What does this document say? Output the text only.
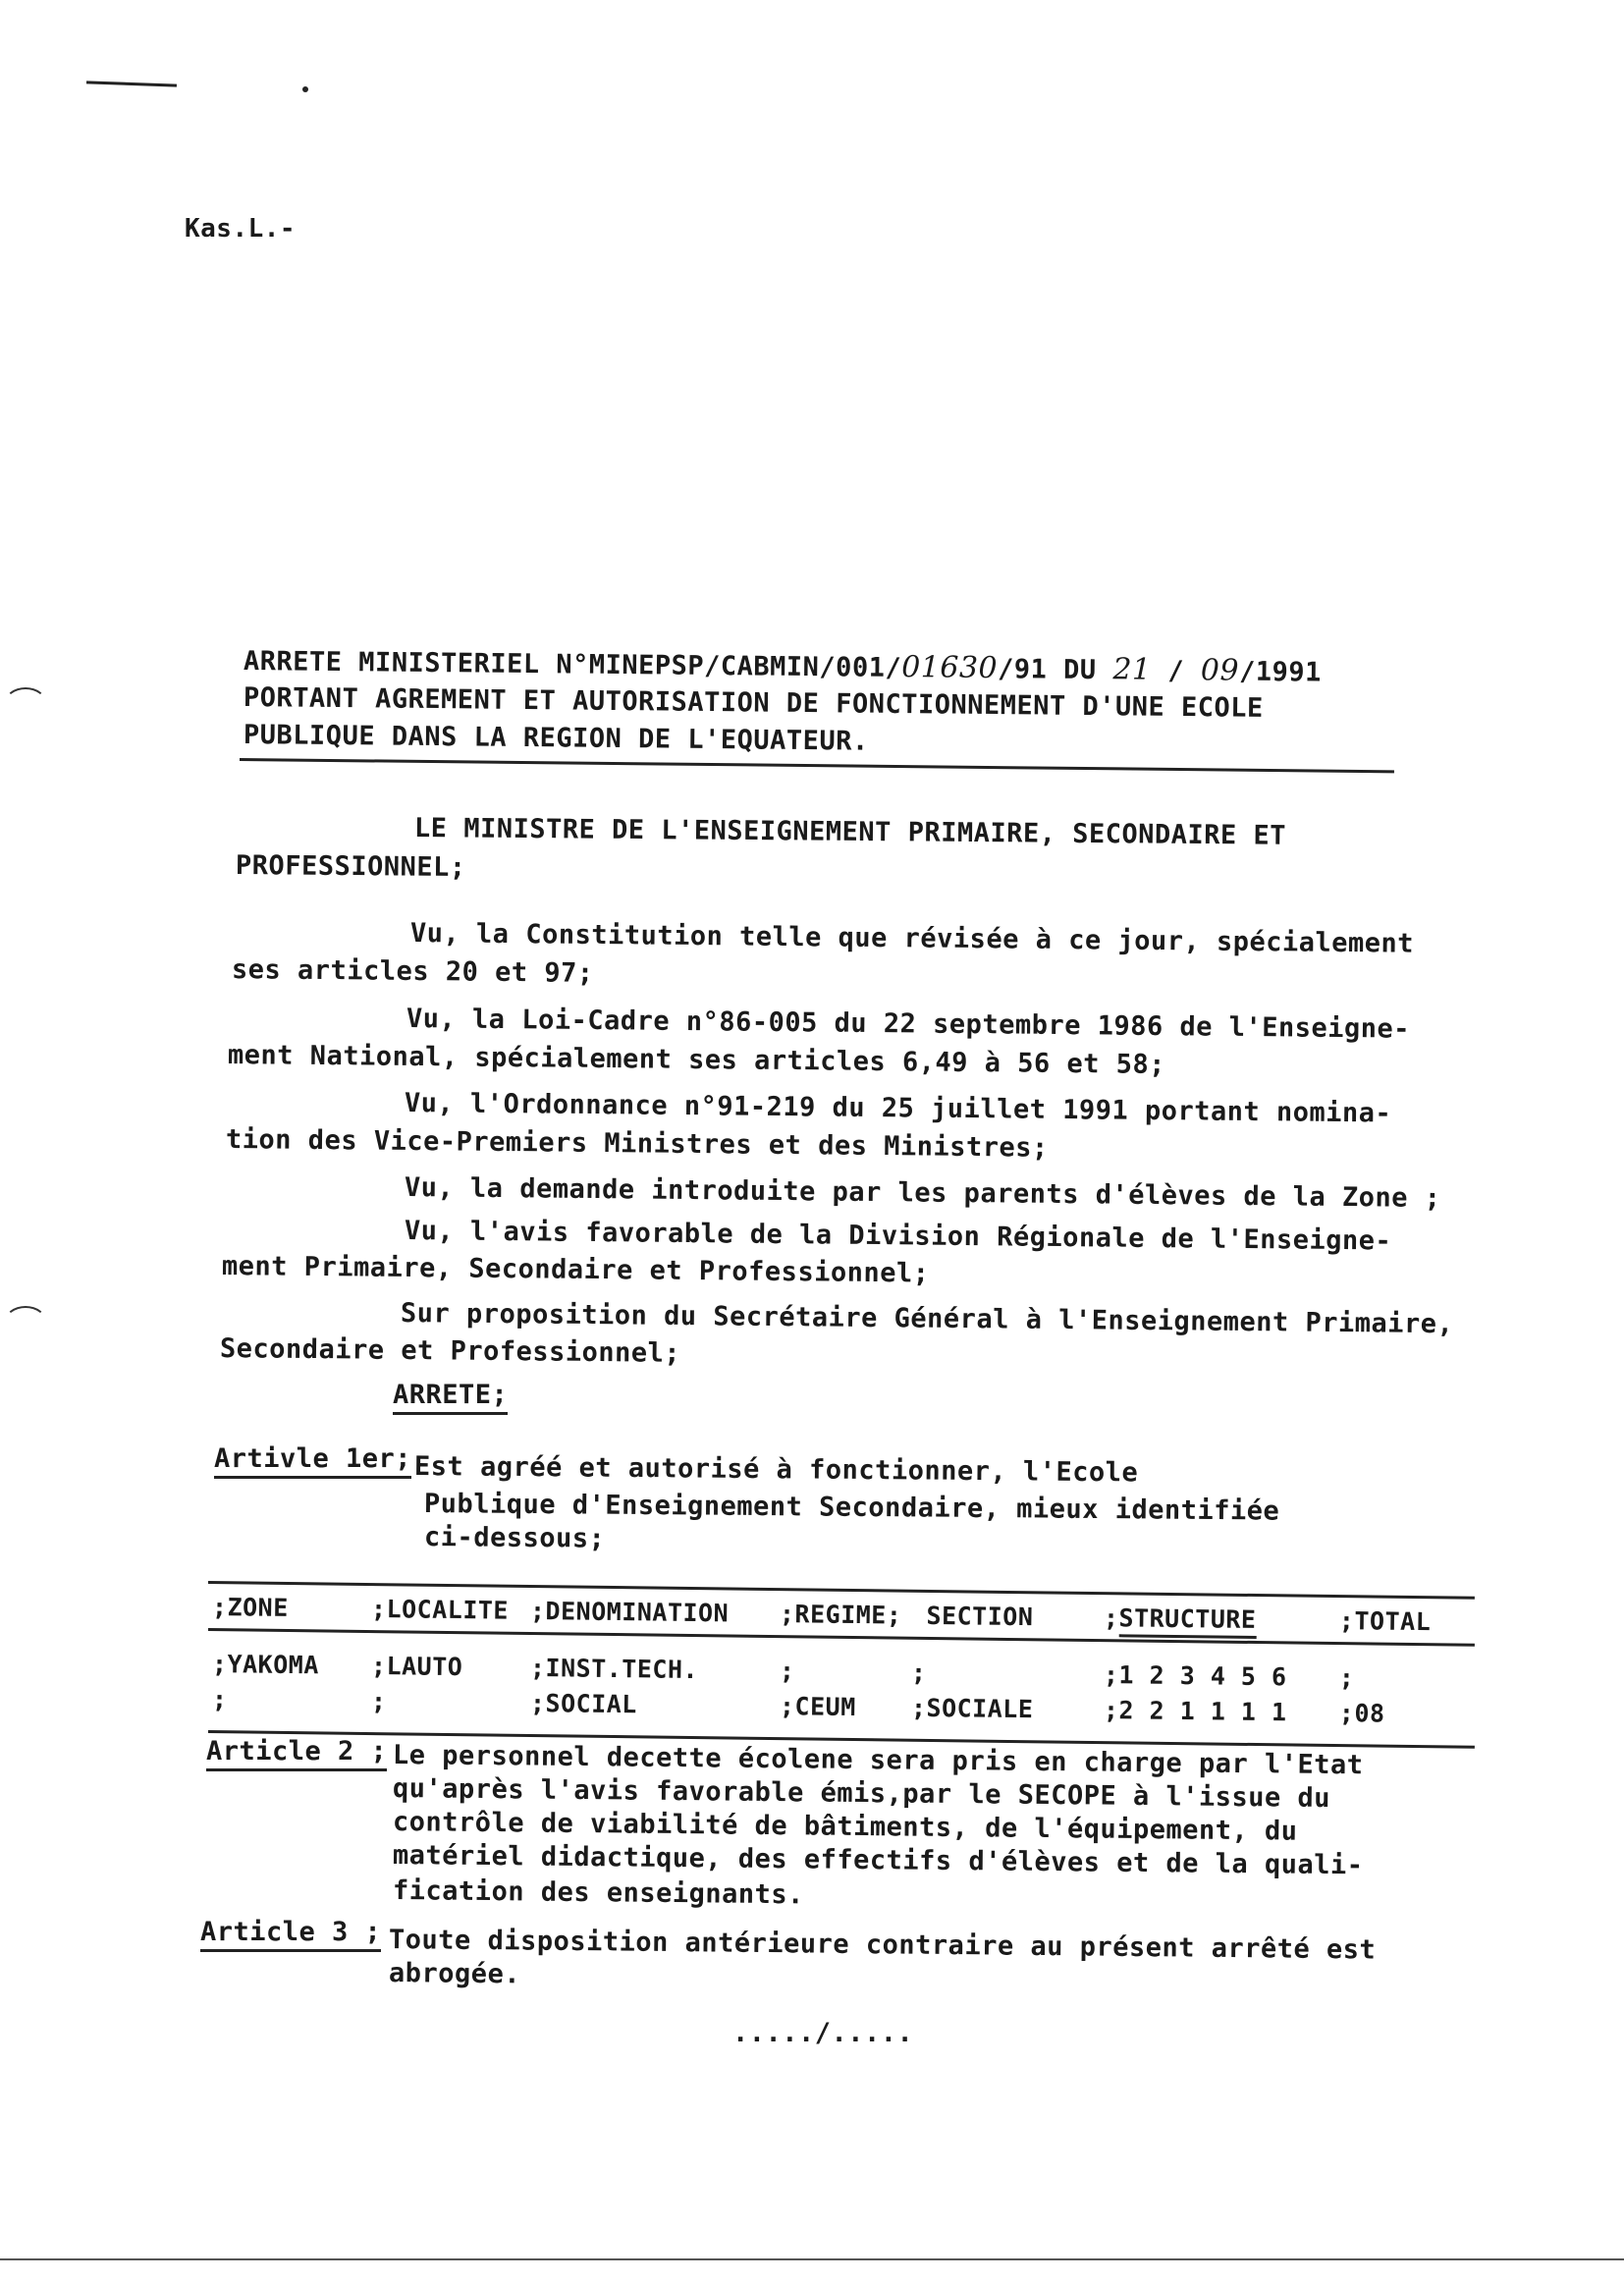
Kas.L.-
ARRETE MINISTERIEL N°MINEPSP/CABMIN/001/01630/91 DU 21 / 09/1991
PORTANT AGREMENT ET AUTORISATION DE FONCTIONNEMENT D'UNE ECOLE
PUBLIQUE DANS LA REGION DE L'EQUATEUR.
LE MINISTRE DE L'ENSEIGNEMENT PRIMAIRE, SECONDAIRE ET
PROFESSIONNEL;
Vu, la Constitution telle que révisée à ce jour, spécialement
ses articles 20 et 97;
Vu, la Loi-Cadre n°86-005 du 22 septembre 1986 de l'Enseigne-
ment National, spécialement ses articles 6,49 à 56 et 58;
Vu, l'Ordonnance n°91-219 du 25 juillet 1991 portant nomina-
tion des Vice-Premiers Ministres et des Ministres;
Vu, la demande introduite par les parents d'élèves de la Zone ;
Vu, l'avis favorable de la Division Régionale de l'Enseigne-
ment Primaire, Secondaire et Professionnel;
Sur proposition du Secrétaire Général à l'Enseignement Primaire,
Secondaire et Professionnel;
ARRETE;
Artivle 1er; Est agréé et autorisé à fonctionner, l'Ecole
Publique d'Enseignement Secondaire, mieux identifiée
ci-dessous;
;ZONE	;LOCALITE ;DENOMINATION ;REGIME; SECTION	;STRUCTURE	;TOTAL
;YAKOMA ;LAUTO	;INST.TECH.	;	;	;1 2 3 4 5 6 ;
;	;	;SOCIAL	;CEUM ;SOCIALE	;2 2 1 1 1 1 ;08
Article 2 ; Le personnel decette écolene sera pris en charge par l'Etat
qu'après l'avis favorable émis,par le SECOPE à l'issue du
contrôle de viabilité de bâtiments, de l'équipement, du
matériel didactique, des effectifs d'élèves et de la quali-
fication des enseignants.
Article 3 ; Toute disposition antérieure contraire au présent arrêté est
abrogée.
...../.....
